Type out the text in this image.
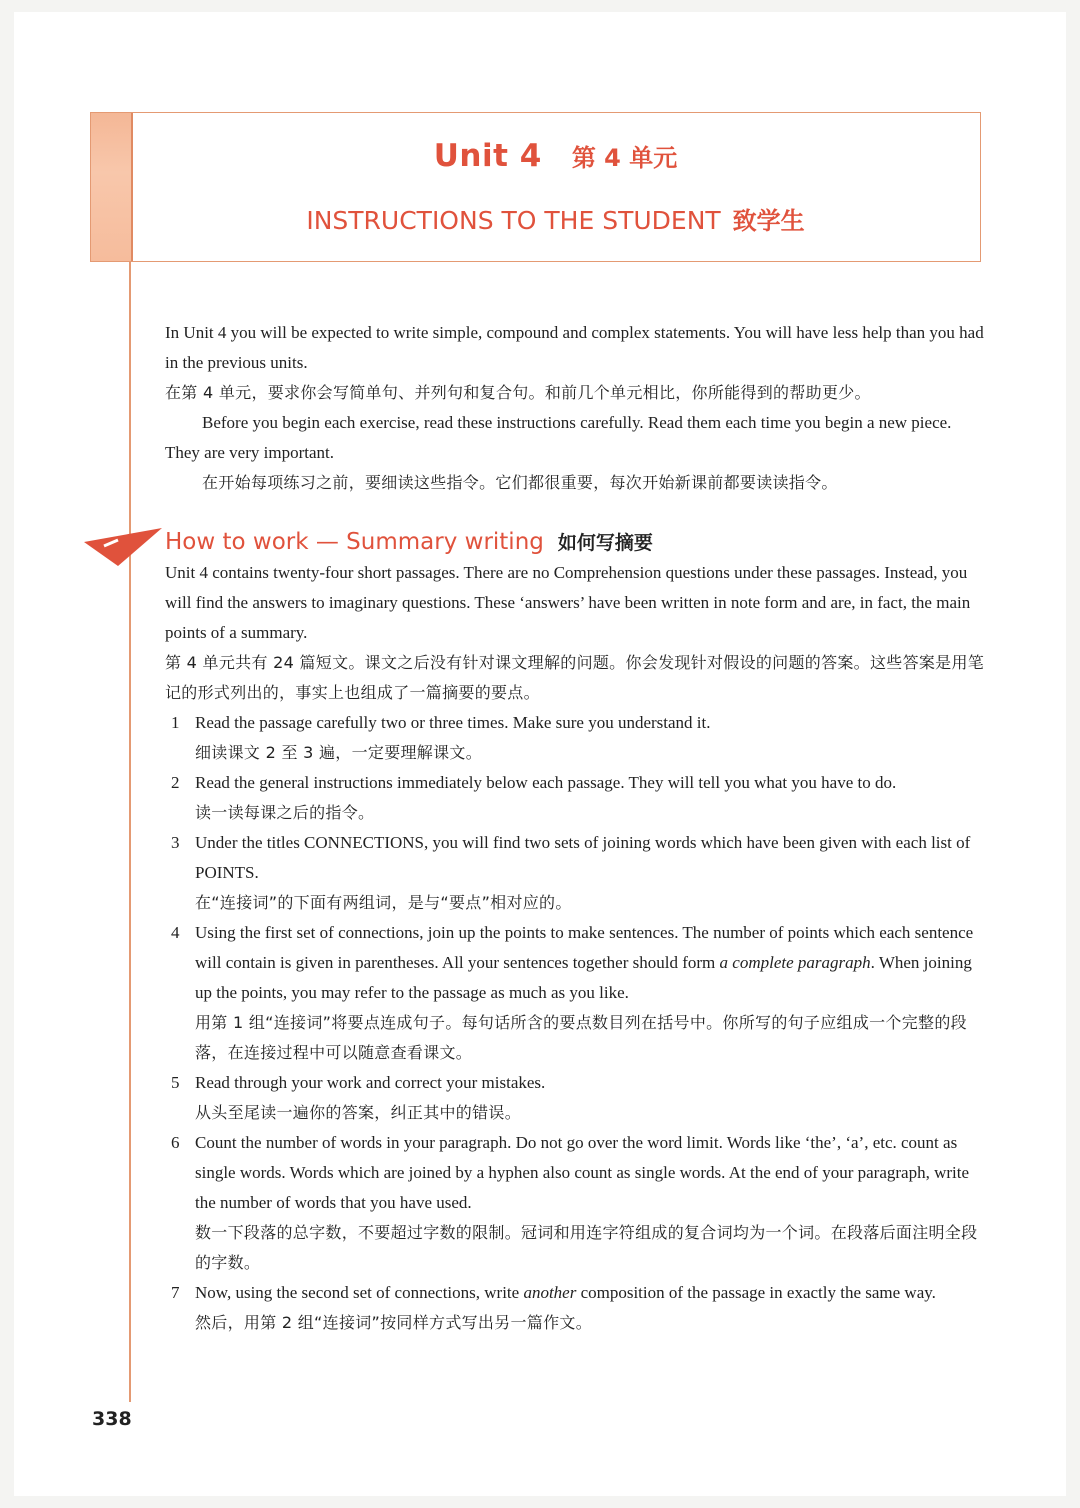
Unit 4 第 4 单元
INSTRUCTIONS TO THE STUDENT 致学生

In Unit 4 you will be expected to write simple, compound and complex statements. You will have less help than you had in the previous units.

在第 4 单元，要求你会写简单句、并列句和复合句。和前几个单元相比，你所能得到的帮助更少。

Before you begin each exercise, read these instructions carefully. Read them each time you begin a new piece. They are very important.

在开始每项练习之前，要细读这些指令。它们都很重要，每次开始新课前都要读读指令。

How to work — Summary writing 如何写摘要

Unit 4 contains twenty-four short passages. There are no Comprehension questions under these passages. Instead, you will find the answers to imaginary questions. These ‘answers’ have been written in note form and are, in fact, the main points of a summary.

第 4 单元共有 24 篇短文。课文之后没有针对课文理解的问题。你会发现针对假设的问题的答案。这些答案是用笔记的形式列出的，事实上也组成了一篇摘要的要点。

1 Read the passage carefully two or three times. Make sure you understand it.

细读课文 2 至 3 遍，一定要理解课文。

2 Read the general instructions immediately below each passage. They will tell you what you have to do.

读一读每课之后的指令。

3 Under the titles CONNECTIONS, you will find two sets of joining words which have been given with each list of POINTS.

在“连接词”的下面有两组词，是与“要点”相对应的。

4 Using the first set of connections, join up the points to make sentences. The number of points which each sentence will contain is given in parentheses. All your sentences together should form a complete paragraph. When joining up the points, you may refer to the passage as much as you like.

用第 1 组“连接词”将要点连成句子。每句话所含的要点数目列在括号中。你所写的句子应组成一个完整的段落，在连接过程中可以随意查看课文。

5 Read through your work and correct your mistakes.

从头至尾读一遍你的答案，纠正其中的错误。

6 Count the number of words in your paragraph. Do not go over the word limit. Words like ‘the’, ‘a’, etc. count as single words. Words which are joined by a hyphen also count as single words. At the end of your paragraph, write the number of words that you have used.

数一下段落的总字数，不要超过字数的限制。冠词和用连字符组成的复合词均为一个词。在段落后面注明全段的字数。

7 Now, using the second set of connections, write another composition of the passage in exactly the same way.

然后，用第 2 组“连接词”按同样方式写出另一篇作文。

338
